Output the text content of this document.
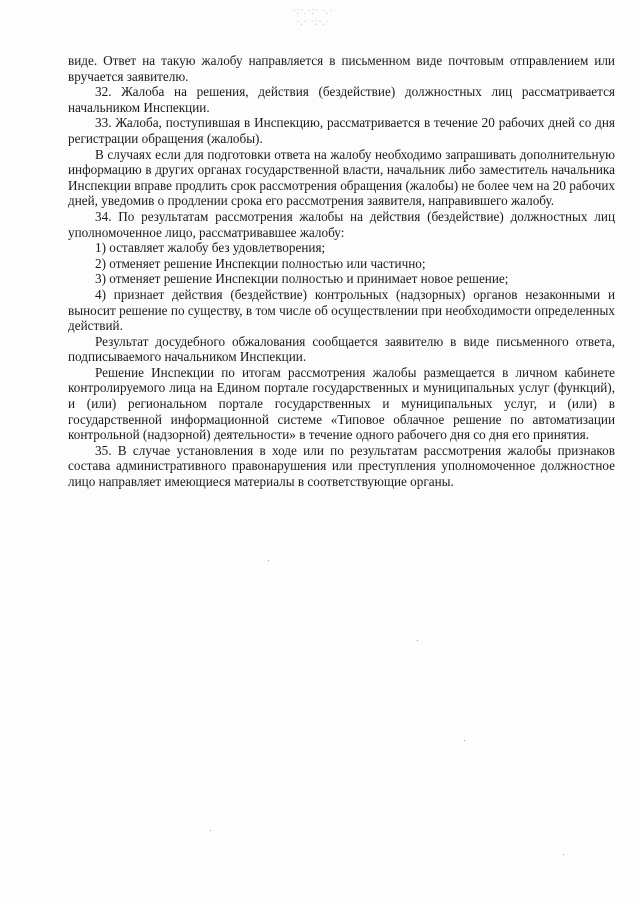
·:·.·:· ·.·
·.· ·:·.·

виде. Ответ на такую жалобу направляется в письменном виде почтовым отправлением или вручается заявителю.

32. Жалоба на решения, действия (бездействие) должностных лиц рассматривается начальником Инспекции.

33. Жалоба, поступившая в Инспекцию, рассматривается в течение 20 рабочих дней со дня регистрации обращения (жалобы).

В случаях если для подготовки ответа на жалобу необходимо запрашивать дополнительную информацию в других органах государственной власти, начальник либо заместитель начальника Инспекции вправе продлить срок рассмотрения обращения (жалобы) не более чем на 20 рабочих дней, уведомив о продлении срока его рассмотрения заявителя, направившего жалобу.

34. По результатам рассмотрения жалобы на действия (бездействие) должностных лиц уполномоченное лицо, рассматривавшее жалобу:

1) оставляет жалобу без удовлетворения;

2) отменяет решение Инспекции полностью или частично;

3) отменяет решение Инспекции полностью и принимает новое решение;

4) признает действия (бездействие) контрольных (надзорных) органов незаконными и выносит решение по существу, в том числе об осуществлении при необходимости определенных действий.

Результат досудебного обжалования сообщается заявителю в виде письменного ответа, подписываемого начальником Инспекции.

Решение Инспекции по итогам рассмотрения жалобы размещается в личном кабинете контролируемого лица на Едином портале государственных и муниципальных услуг (функций), и (или) региональном портале государственных и муниципальных услуг, и (или) в государственной информационной системе «Типовое облачное решение по автоматизации контрольной (надзорной) деятельности» в течение одного рабочего дня со дня его принятия.

35. В случае установления в ходе или по результатам рассмотрения жалобы признаков состава административного правонарушения или преступления уполномоченное должностное лицо направляет имеющиеся материалы в соответствующие органы.
